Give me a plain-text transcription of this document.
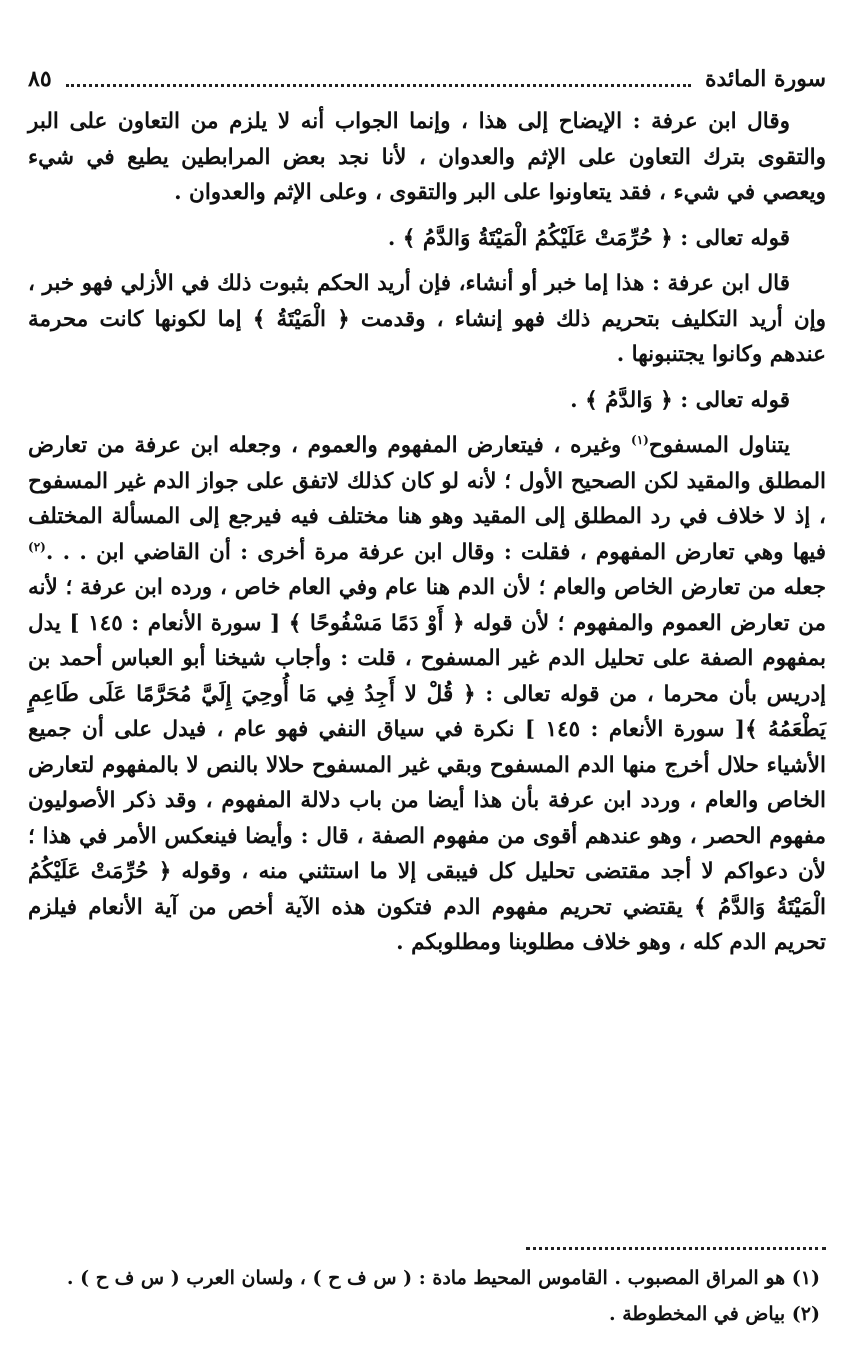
سورة المائدة
٨٥

وقال ابن عرفة : الإيضاح إلى هذا ، وإنما الجواب أنه لا يلزم من التعاون على البر والتقوى بترك التعاون على الإثم والعدوان ، لأنا نجد بعض المرابطين يطيع في شيء ويعصي في شيء ، فقد يتعاونوا على البر والتقوى ، وعلى الإثم والعدوان .

قوله تعالى : ﴿ حُرِّمَتْ عَلَيْكُمُ الْمَيْتَةُ وَالدَّمُ ﴾ .

قال ابن عرفة : هذا إما خبر أو أنشاء، فإن أريد الحكم بثبوت ذلك في الأزلي فهو خبر ، وإن أريد التكليف بتحريم ذلك فهو إنشاء ، وقدمت ﴿ الْمَيْتَةُ ﴾ إما لكونها كانت محرمة عندهم وكانوا يجتنبونها .

قوله تعالى : ﴿ وَالدَّمُ ﴾ .

يتناول المسفوح$^{(١)}$ وغيره ، فيتعارض المفهوم والعموم ، وجعله ابن عرفة من تعارض المطلق والمقيد لكن الصحيح الأول ؛ لأنه لو كان كذلك لاتفق على جواز الدم غير المسفوح ، إذ لا خلاف في رد المطلق إلى المقيد وهو هنا مختلف فيه فيرجع إلى المسألة المختلف فيها وهي تعارض المفهوم ، فقلت : وقال ابن عرفة مرة أخرى : أن القاضي ابن . . .$^{(٢)}$ جعله من تعارض الخاص والعام ؛ لأن الدم هنا عام وفي العام خاص ، ورده ابن عرفة ؛ لأنه من تعارض العموم والمفهوم ؛ لأن قوله ﴿ أَوْ دَمًا مَسْفُوحًا ﴾ [ سورة الأنعام : ١٤٥ ] يدل بمفهوم الصفة على تحليل الدم غير المسفوح ، قلت : وأجاب شيخنا أبو العباس أحمد بن إدريس بأن محرما ، من قوله تعالى : ﴿ قُلْ لا أَجِدُ فِي مَا أُوحِيَ إِلَيَّ مُحَرَّمًا عَلَى طَاعِمٍ يَطْعَمُهُ ﴾[ سورة الأنعام : ١٤٥ ] نكرة في سياق النفي فهو عام ، فيدل على أن جميع الأشياء حلال أخرج منها الدم المسفوح وبقي غير المسفوح حلالا بالنص لا بالمفهوم لتعارض الخاص والعام ، وردد ابن عرفة بأن هذا أيضا من باب دلالة المفهوم ، وقد ذكر الأصوليون مفهوم الحصر ، وهو عندهم أقوى من مفهوم الصفة ، قال : وأيضا فينعكس الأمر في هذا ؛ لأن دعواكم لا أجد مقتضى تحليل كل فيبقى إلا ما استثني منه ، وقوله ﴿ حُرِّمَتْ عَلَيْكُمُ الْمَيْتَةُ وَالدَّمُ ﴾ يقتضي تحريم مفهوم الدم فتكون هذه الآية أخص من آية الأنعام فيلزم تحريم الدم كله ، وهو خلاف مطلوبنا ومطلوبكم .

(١) هو المراق المصبوب . القاموس المحيط مادة : ( س ف ح ) ، ولسان العرب ( س ف ح ) .
(٢) بياض في المخطوطة .
